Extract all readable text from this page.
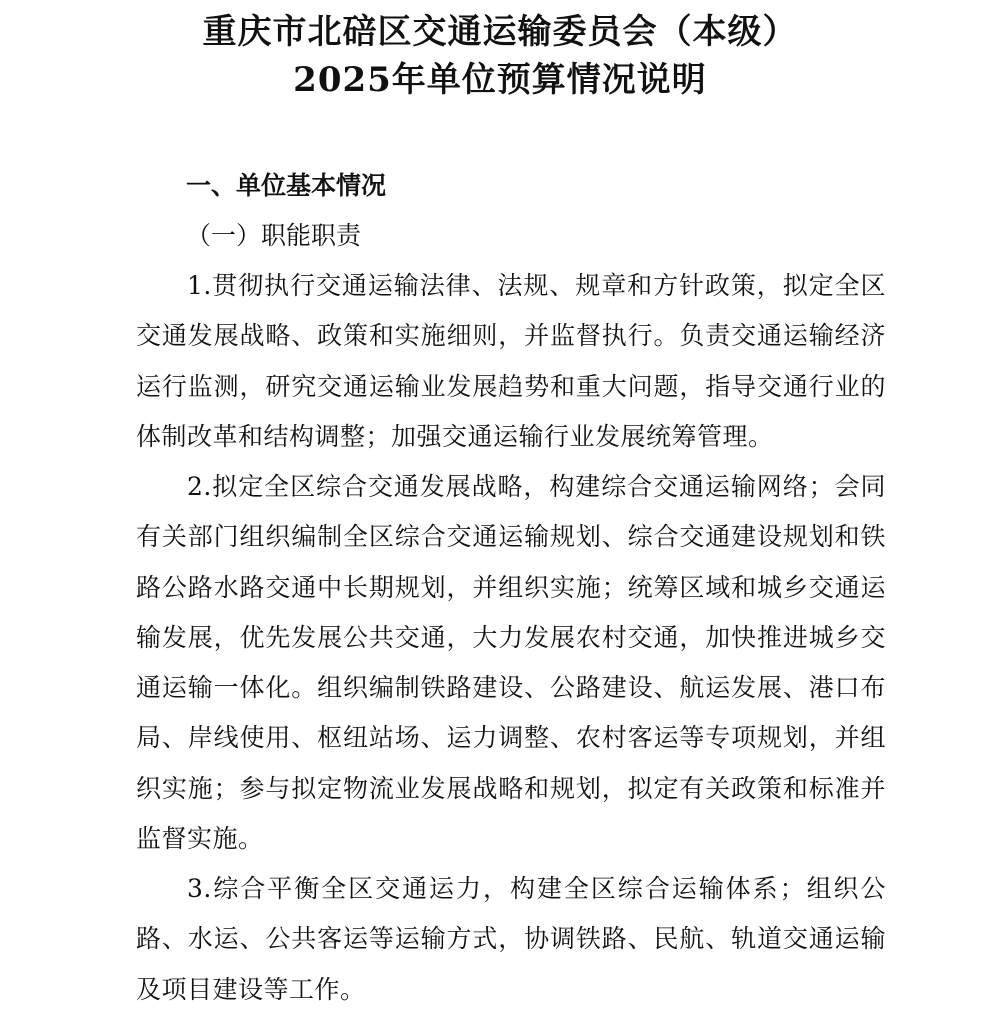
重庆市北碚区交通运输委员会（本级）
2025年单位预算情况说明
一、单位基本情况
（一）职能职责

1.贯彻执行交通运输法律、法规、规章和方针政策，拟定全区交通发展战略、政策和实施细则，并监督执行。负责交通运输经济运行监测，研究交通运输业发展趋势和重大问题，指导交通行业的体制改革和结构调整；加强交通运输行业发展统筹管理。

2.拟定全区综合交通发展战略，构建综合交通运输网络；会同有关部门组织编制全区综合交通运输规划、综合交通建设规划和铁路公路水路交通中长期规划，并组织实施；统筹区域和城乡交通运输发展，优先发展公共交通，大力发展农村交通，加快推进城乡交通运输一体化。组织编制铁路建设、公路建设、航运发展、港口布局、岸线使用、枢纽站场、运力调整、农村客运等专项规划，并组织实施；参与拟定物流业发展战略和规划，拟定有关政策和标准并监督实施。

3.综合平衡全区交通运力，构建全区综合运输体系；组织公路、水运、公共客运等运输方式，协调铁路、民航、轨道交通运输及项目建设等工作。
